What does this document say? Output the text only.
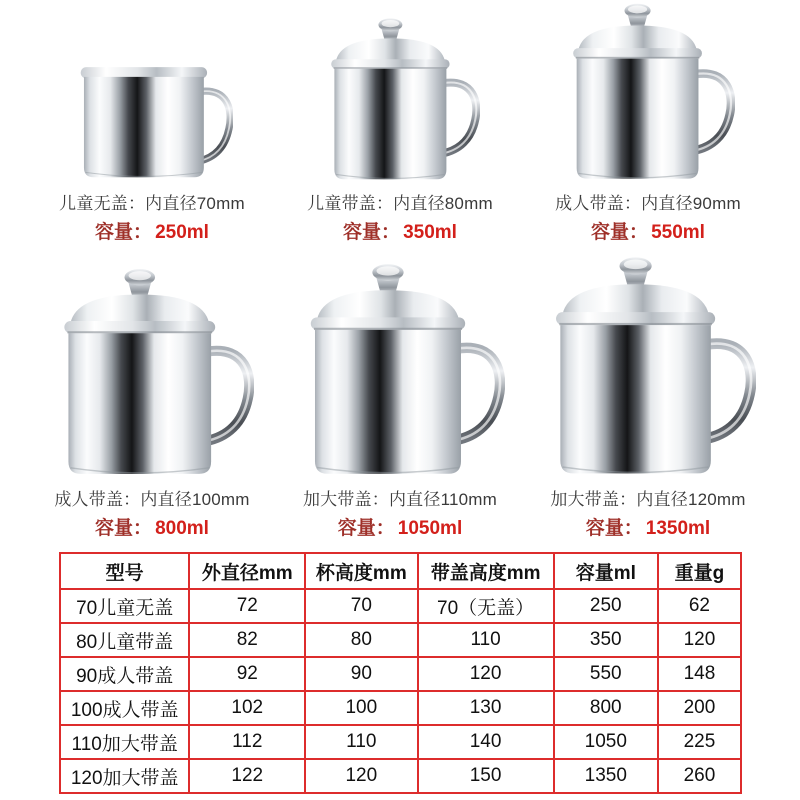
儿童无盖：内直径70mm
容量： 250ml
儿童带盖：内直径80mm
容量： 350ml
成人带盖：内直径90mm
容量： 550ml
成人带盖：内直径100mm
容量： 800ml
加大带盖：内直径110mm
容量： 1050ml
加大带盖：内直径120mm
容量： 1350ml
型号	外直径mm	杯高度mm	带盖高度mm	容量ml	重量g
70儿童无盖	72	70	70（无盖）	250	62
80儿童带盖	82	80	110	350	120
90成人带盖	92	90	120	550	148
100成人带盖	102	100	130	800	200
110加大带盖	112	110	140	1050	225
120加大带盖	122	120	150	1350	260
